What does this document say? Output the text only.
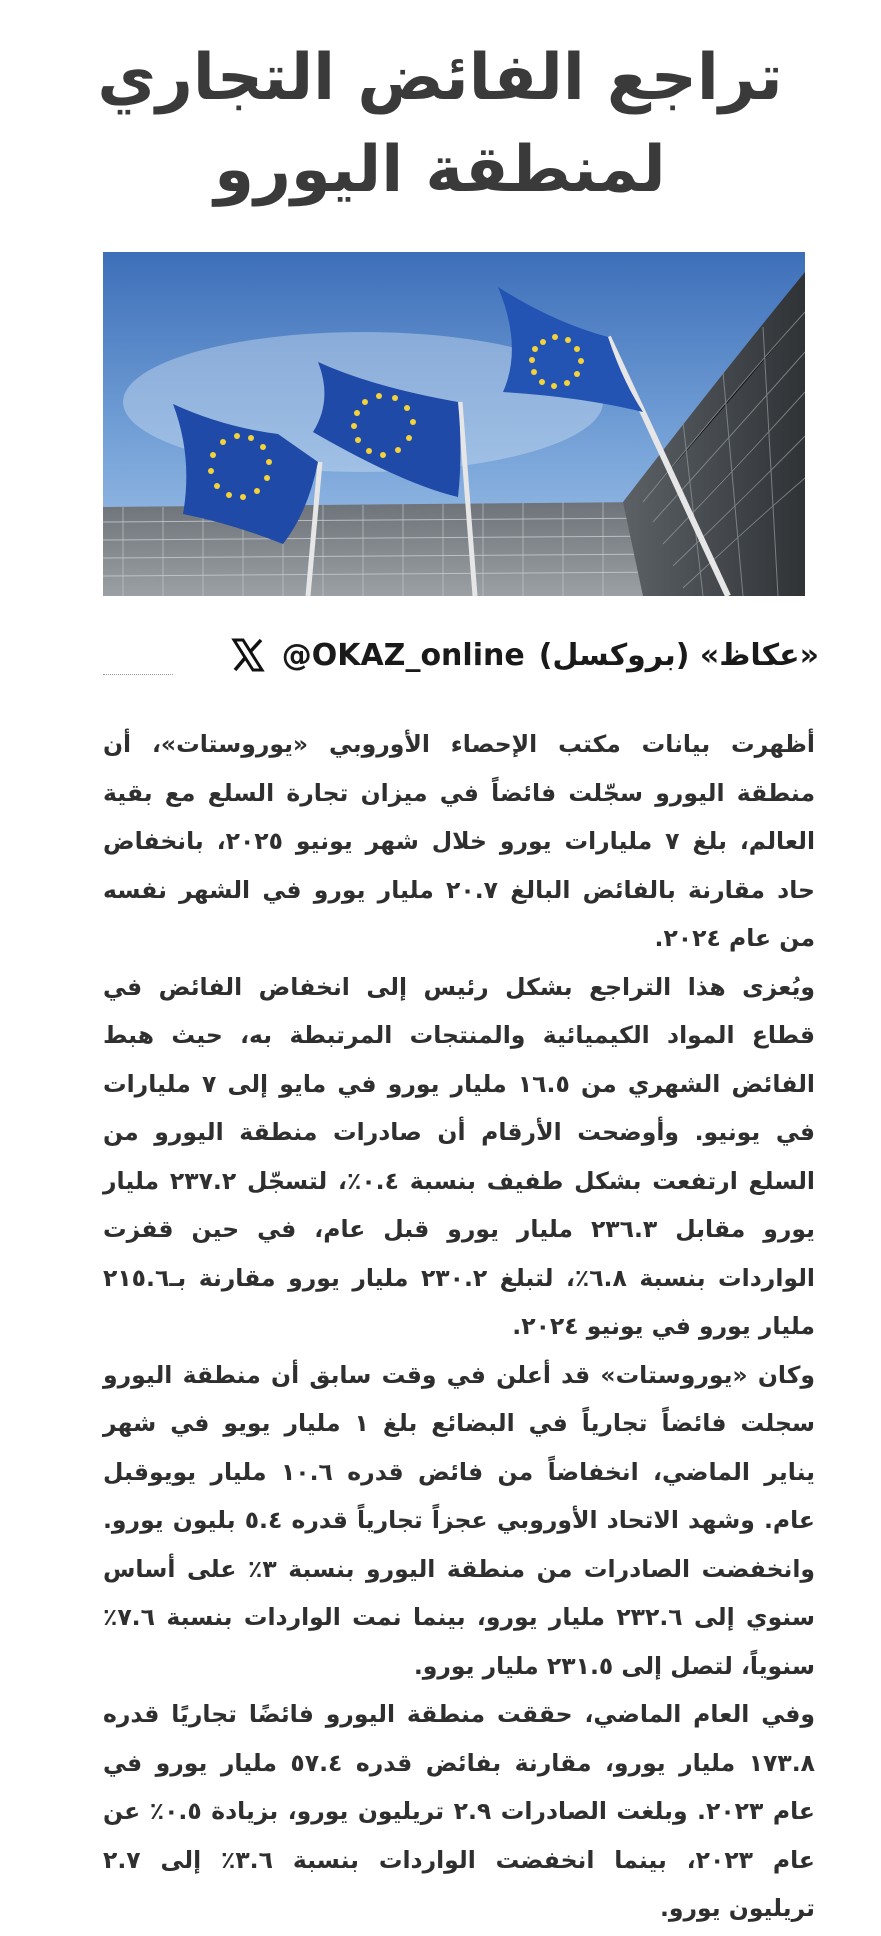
تراجع الفائض التجاري
لمنطقة اليورو
«عكاظ» (بروكسل)
@OKAZ_online

أظهرت بيانات مكتب الإحصاء الأوروبي «يوروستات»، أن منطقة اليورو سجّلت فائضاً في ميزان تجارة السلع مع بقية العالم، بلغ ٧ مليارات يورو خلال شهر يونيو ٢٠٢٥، بانخفاض حاد مقارنة بالفائض البالغ ٢٠.٧ مليار يورو في الشهر نفسه من عام ٢٠٢٤.

ويُعزى هذا التراجع بشكل رئيس إلى انخفاض الفائض في قطاع المواد الكيميائية والمنتجات المرتبطة به، حيث هبط الفائض الشهري من ١٦.٥ مليار يورو في مايو إلى ٧ مليارات في يونيو. وأوضحت الأرقام أن صادرات منطقة اليورو من السلع ارتفعت بشكل طفيف بنسبة ٠.٤٪، لتسجّل ٢٣٧.٢ مليار يورو مقابل ٢٣٦.٣ مليار يورو قبل عام، في حين قفزت الواردات بنسبة ٦.٨٪، لتبلغ ٢٣٠.٢ مليار يورو مقارنة بـ٢١٥.٦ مليار يورو في يونيو ٢٠٢٤.

وكان «يوروستات» قد أعلن في وقت سابق أن منطقة اليورو سجلت فائضاً تجارياً في البضائع بلغ ١ مليار يويو في شهر يناير الماضي، انخفاضاً من فائض قدره ١٠.٦ مليار يويوقبل عام. وشهد الاتحاد الأوروبي عجزاً تجارياً قدره ٥.٤ بليون يورو. وانخفضت الصادرات من منطقة اليورو بنسبة ٣٪ على أساس سنوي إلى ٢٣٢.٦ مليار يورو، بينما نمت الواردات بنسبة ٧.٦٪ سنوياً، لتصل إلى ٢٣١.٥ مليار يورو.

وفي العام الماضي، حققت منطقة اليورو فائضًا تجاريًا قدره ١٧٣.٨ مليار يورو، مقارنة بفائض قدره ٥٧.٤ مليار يورو في عام ٢٠٢٣. وبلغت الصادرات ٢.٩ تريليون يورو، بزيادة ٠.٥٪ عن عام ٢٠٢٣، بينما انخفضت الواردات بنسبة ٣.٦٪ إلى ٢.٧ تريليون يورو.
